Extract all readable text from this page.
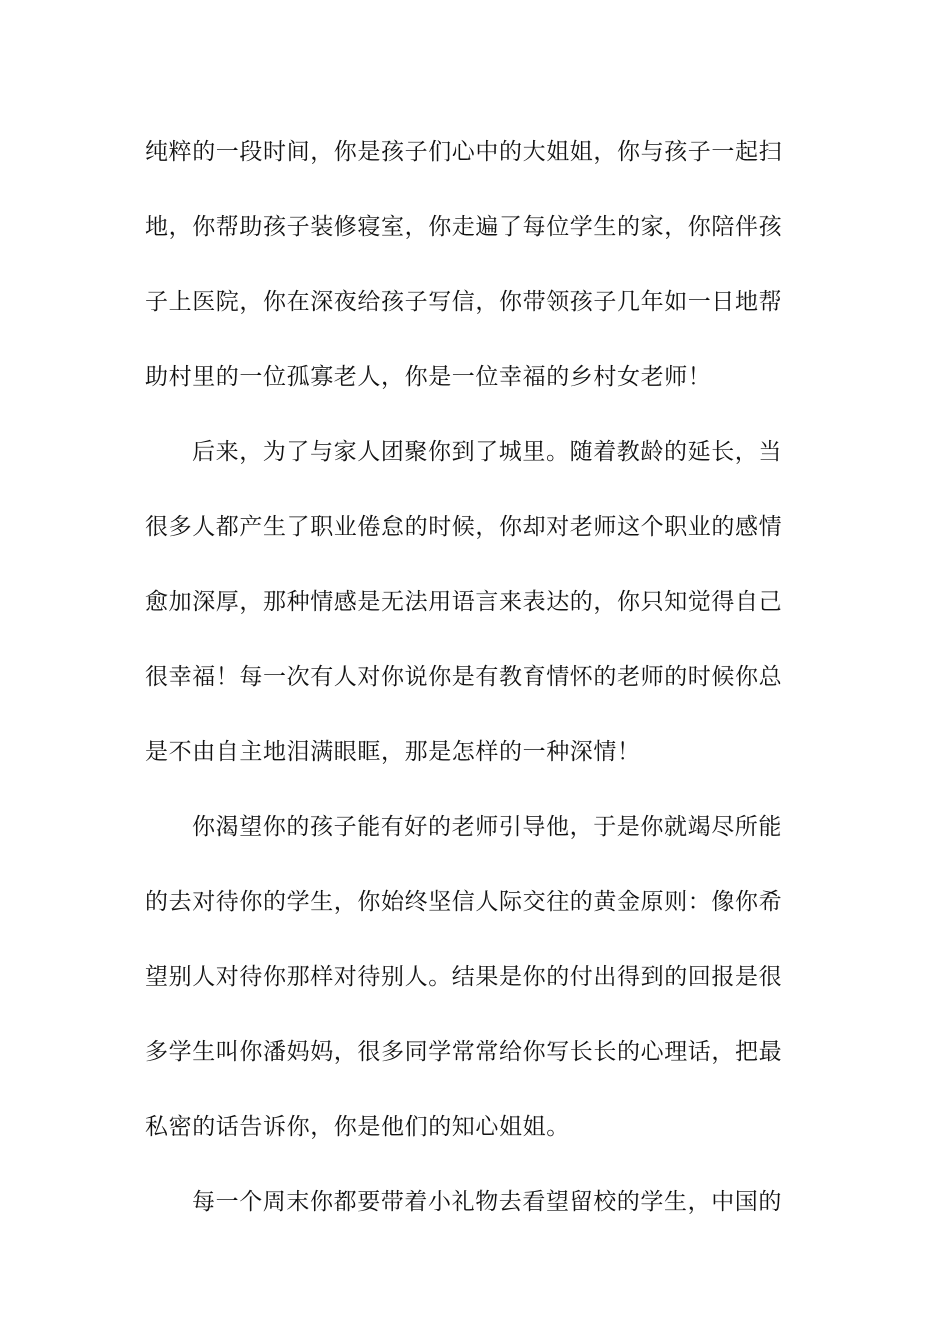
纯粹的一段时间，你是孩子们心中的大姐姐，你与孩子一起扫
地，你帮助孩子装修寝室，你走遍了每位学生的家，你陪伴孩
子上医院，你在深夜给孩子写信，你带领孩子几年如一日地帮
助村里的一位孤寡老人，你是一位幸福的乡村女老师！
后来，为了与家人团聚你到了城里。随着教龄的延长，当
很多人都产生了职业倦怠的时候，你却对老师这个职业的感情
愈加深厚，那种情感是无法用语言来表达的，你只知觉得自己
很幸福！每一次有人对你说你是有教育情怀的老师的时候你总
是不由自主地泪满眼眶，那是怎样的一种深情！
你渴望你的孩子能有好的老师引导他，于是你就竭尽所能
的去对待你的学生，你始终坚信人际交往的黄金原则：像你希
望别人对待你那样对待别人。结果是你的付出得到的回报是很
多学生叫你潘妈妈，很多同学常常给你写长长的心理话，把最
私密的话告诉你，你是他们的知心姐姐。
每一个周末你都要带着小礼物去看望留校的学生，中国的
